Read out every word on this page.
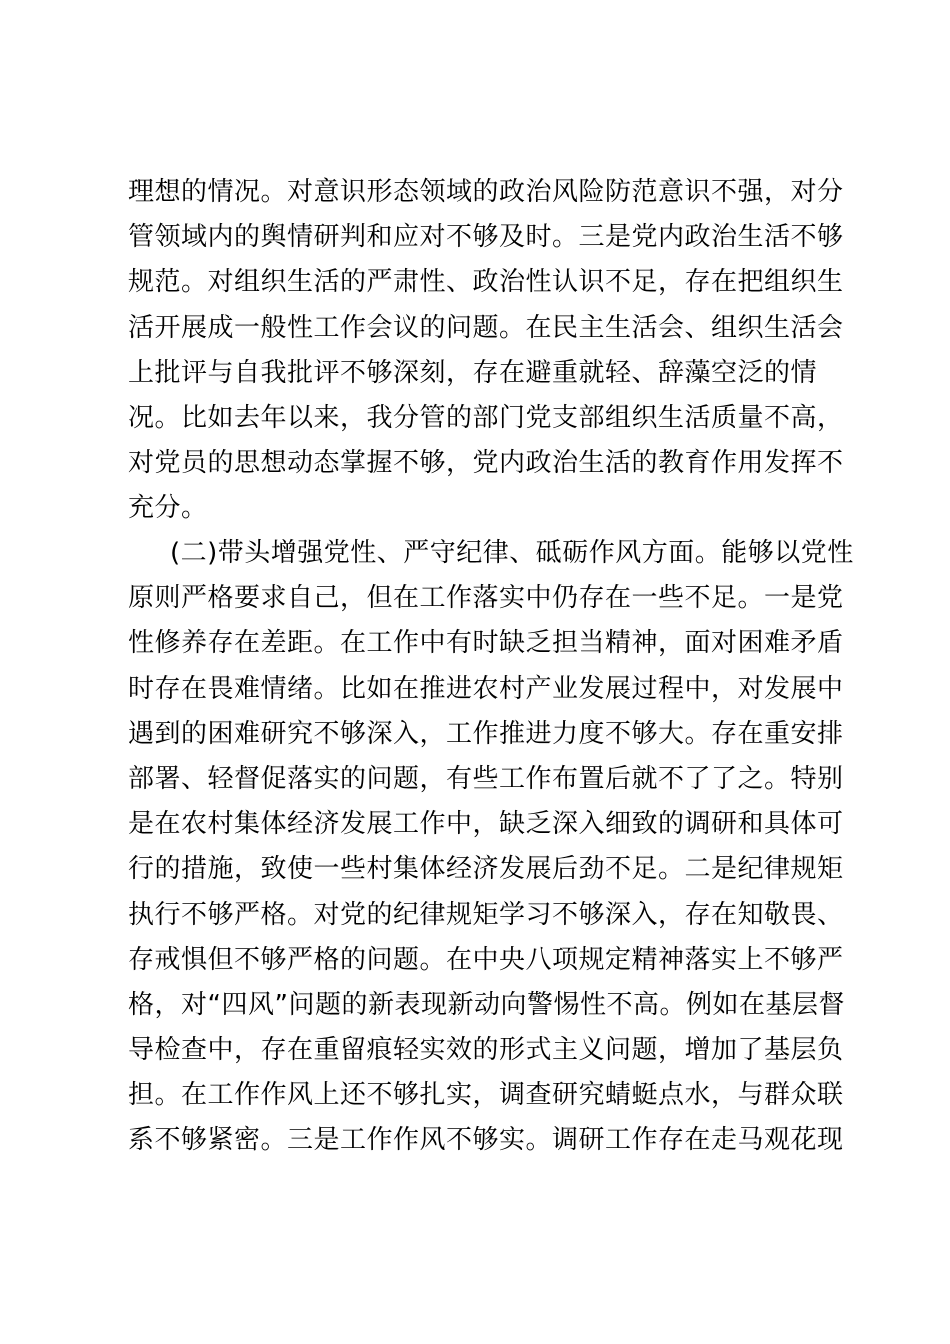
理想的情况。对意识形态领域的政治风险防范意识不强，对分
管领域内的舆情研判和应对不够及时。三是党内政治生活不够
规范。对组织生活的严肃性、政治性认识不足，存在把组织生
活开展成一般性工作会议的问题。在民主生活会、组织生活会
上批评与自我批评不够深刻，存在避重就轻、辞藻空泛的情
况。比如去年以来，我分管的部门党支部组织生活质量不高，
对党员的思想动态掌握不够，党内政治生活的教育作用发挥不
充分。
(二)带头增强党性、严守纪律、砥砺作风方面。能够以党性
原则严格要求自己，但在工作落实中仍存在一些不足。一是党
性修养存在差距。在工作中有时缺乏担当精神，面对困难矛盾
时存在畏难情绪。比如在推进农村产业发展过程中，对发展中
遇到的困难研究不够深入，工作推进力度不够大。存在重安排
部署、轻督促落实的问题，有些工作布置后就不了了之。特别
是在农村集体经济发展工作中，缺乏深入细致的调研和具体可
行的措施，致使一些村集体经济发展后劲不足。二是纪律规矩
执行不够严格。对党的纪律规矩学习不够深入，存在知敬畏、
存戒惧但不够严格的问题。在中央八项规定精神落实上不够严
格，对“四风”问题的新表现新动向警惕性不高。例如在基层督
导检查中，存在重留痕轻实效的形式主义问题，增加了基层负
担。在工作作风上还不够扎实，调查研究蜻蜓点水，与群众联
系不够紧密。三是工作作风不够实。调研工作存在走马观花现
